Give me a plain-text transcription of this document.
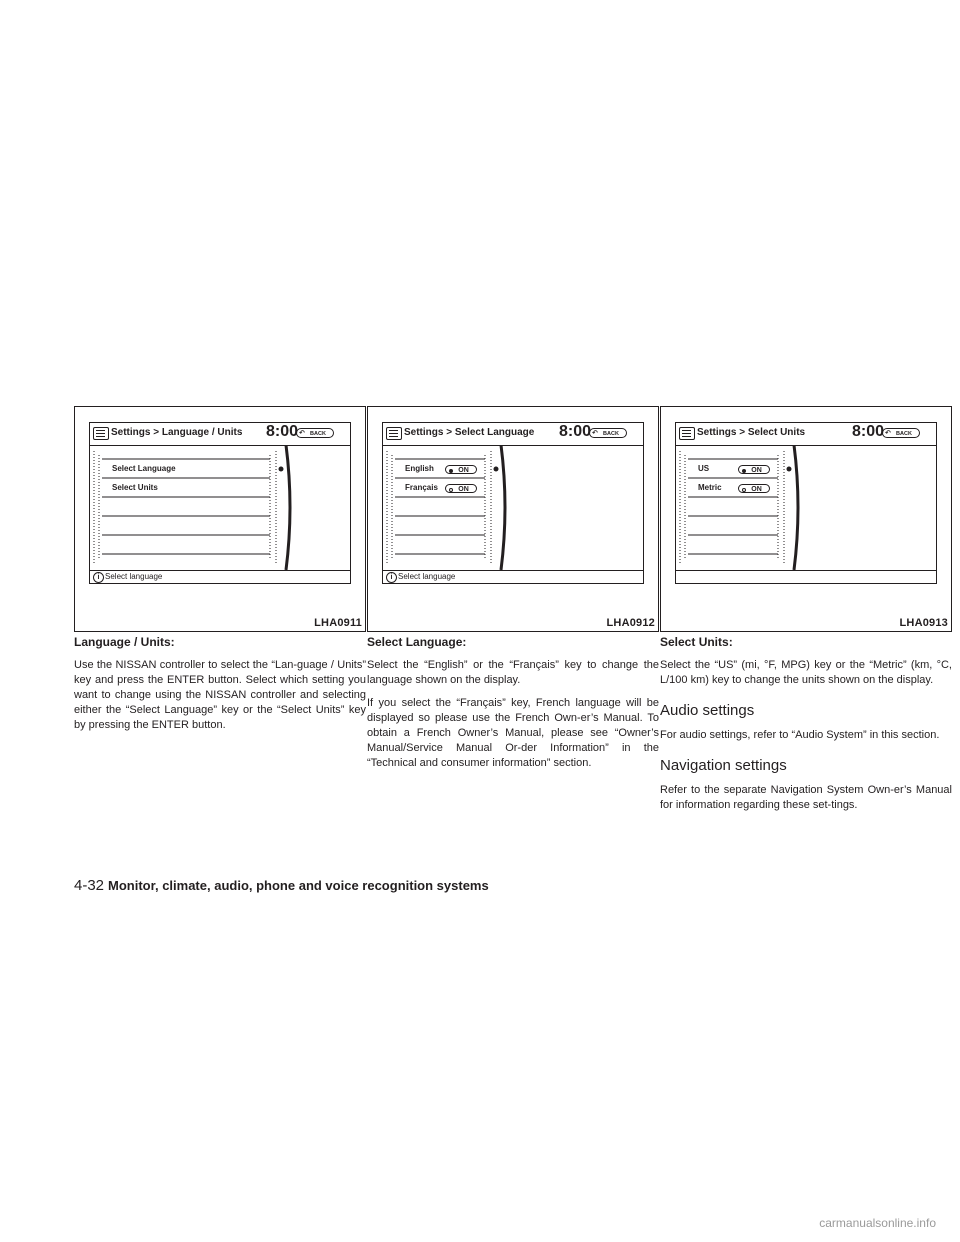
Settings > Language / Units 8:00 ↶ BACK
Select Language
Select Units
i Select language
LHA0911
Language / Units:

Use the NISSAN controller to select the “Lan-guage / Units” key and press the ENTER button. Select which setting you want to change using the NISSAN controller and selecting either the “Select Language” key or the “Select Units” key by pressing the ENTER button.

Settings > Select Language 8:00 ↶ BACK
English	ON
Français	ON
i Select language
LHA0912
Select Language:

Select the “English” or the “Français” key to change the language shown on the display.

If you select the “Français” key, French language will be displayed so please use the French Own-er’s Manual. To obtain a French Owner’s Manual, please see “Owner’s Manual/Service Manual Or-der Information” in the “Technical and consumer information” section.

Settings > Select Units	8:00 ↶ BACK
US	ON
Metric	ON
LHA0913
Select Units:

Select the “US” (mi, °F, MPG) key or the “Metric” (km, °C, L/100 km) key to change the units shown on the display.

Audio settings

For audio settings, refer to “Audio System” in this section.

Navigation settings

Refer to the separate Navigation System Own-er’s Manual for information regarding these set-tings.

4-32 Monitor, climate, audio, phone and voice recognition systems
carmanualsonline.info
